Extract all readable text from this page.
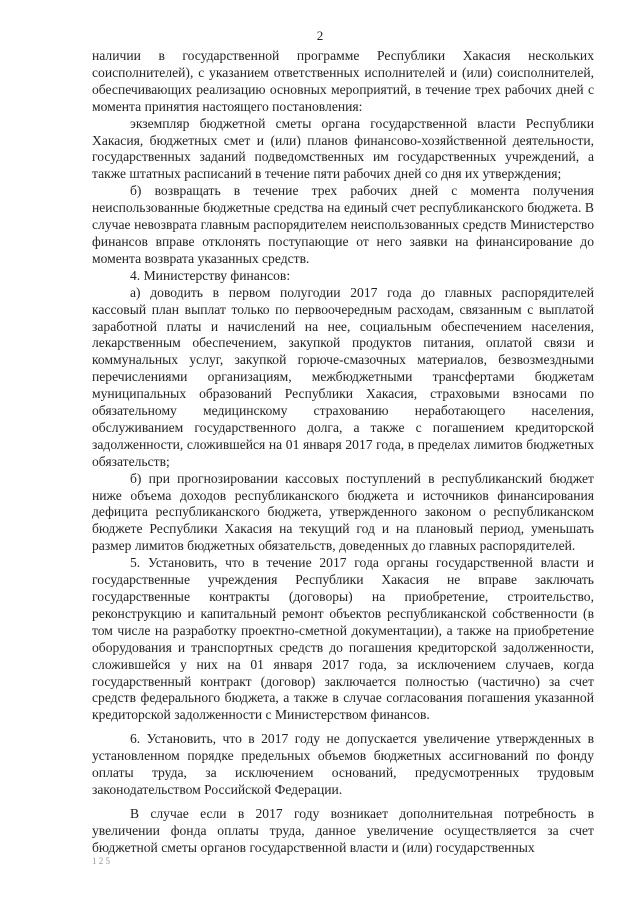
2

наличии в государственной программе Республики Хакасия нескольких соисполнителей), с указанием ответственных исполнителей и (или) соисполнителей, обеспечивающих реализацию основных мероприятий, в течение трех рабочих дней с момента принятия настоящего постановления:

экземпляр бюджетной сметы органа государственной власти Республики Хакасия, бюджетных смет и (или) планов финансово-хозяйственной деятельности, государственных заданий подведомственных им государственных учреждений, а также штатных расписаний в течение пяти рабочих дней со дня их утверждения;

б) возвращать в течение трех рабочих дней с момента получения неиспользованные бюджетные средства на единый счет республиканского бюджета. В случае невозврата главным распорядителем неиспользованных средств Министерство финансов вправе отклонять поступающие от него заявки на финансирование до момента возврата указанных средств.

4. Министерству финансов:

а) доводить в первом полугодии 2017 года до главных распорядителей кассовый план выплат только по первоочередным расходам, связанным с выплатой заработной платы и начислений на нее, социальным обеспечением населения, лекарственным обеспечением, закупкой продуктов питания, оплатой связи и коммунальных услуг, закупкой горюче-смазочных материалов, безвозмездными перечислениями организациям, межбюджетными трансфертами бюджетам муниципальных образований Республики Хакасия, страховыми взносами по обязательному медицинскому страхованию неработающего населения, обслуживанием государственного долга, а также с погашением кредиторской задолженности, сложившейся на 01 января 2017 года, в пределах лимитов бюджетных обязательств;

б) при прогнозировании кассовых поступлений в республиканский бюджет ниже объема доходов республиканского бюджета и источников финансирования дефицита республиканского бюджета, утвержденного законом о республиканском бюджете Республики Хакасия на текущий год и на плановый период, уменьшать размер лимитов бюджетных обязательств, доведенных до главных распорядителей.

5. Установить, что в течение 2017 года органы государственной власти и государственные учреждения Республики Хакасия не вправе заключать государственные контракты (договоры) на приобретение, строительство, реконструкцию и капитальный ремонт объектов республиканской собственности (в том числе на разработку проектно-сметной документации), а также на приобретение оборудования и транспортных средств до погашения кредиторской задолженности, сложившейся у них на 01 января 2017 года, за исключением случаев, когда государственный контракт (договор) заключается полностью (частично) за счет средств федерального бюджета, а также в случае согласования погашения указанной кредиторской задолженности с Министерством финансов.

6. Установить, что в 2017 году не допускается увеличение утвержденных в установленном порядке предельных объемов бюджетных ассигнований по фонду оплаты труда, за исключением оснований, предусмотренных трудовым законодательством Российской Федерации.

В случае если в 2017 году возникает дополнительная потребность в увеличении фонда оплаты труда, данное увеличение осуществляется за счет бюджетной сметы органов государственной власти и (или) государственных

1 2 5
